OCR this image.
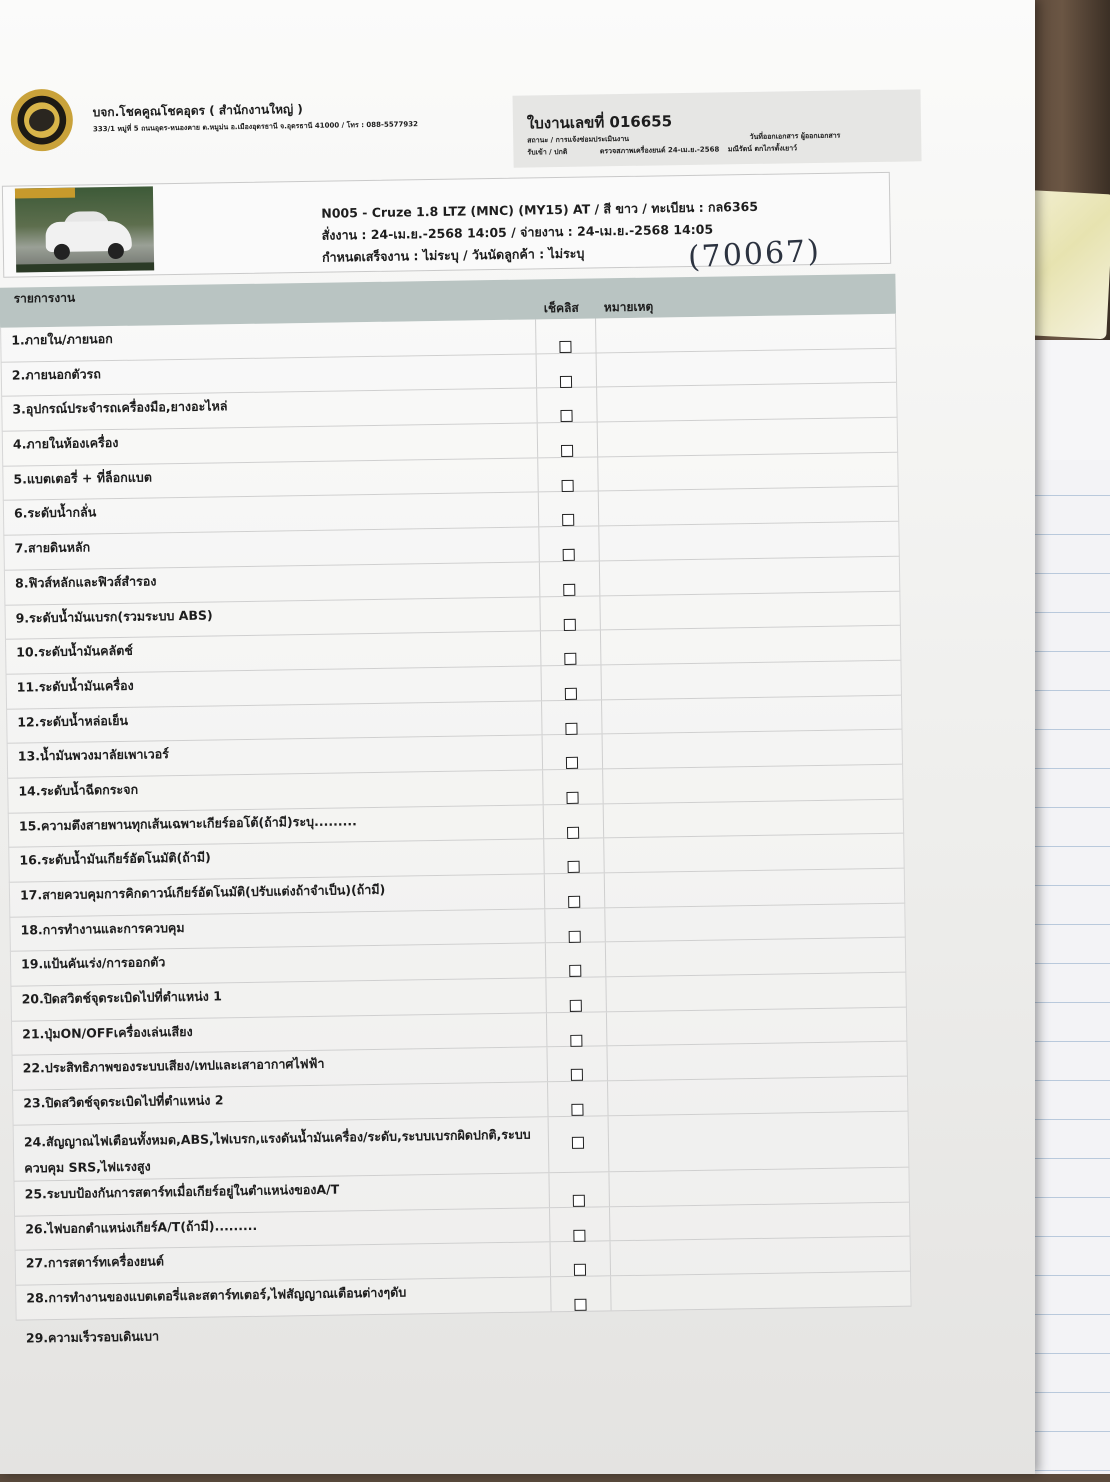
บจก.โชคคูณโชคอุดร ( สำนักงานใหญ่ )
333/1 หมู่ที่ 5 ถนนอุดร-หนองคาย ต.หมูม่น อ.เมืองอุดรธานี จ.อุดรธานี 41000 / โทร : 088-5577932	ใบงานเลขที่ 016655
สถานะ / การแจ้งซ่อมประเมินงาน	วันที่ออกเอกสาร ผู้ออกเอกสาร
รับเข้า / ปกติ	ตรวจสภาพเครื่องยนต์ 24-เม.ย.-2568 มณีรัตน์ ตกไกรตั้งเยาว์
N005 - Cruze 1.8 LTZ (MNC) (MY15) AT / สี ขาว / ทะเบียน : กล6365
สั่งงาน : 24-เม.ย.-2568 14:05 / จ่ายงาน : 24-เม.ย.-2568 14:05
กำหนดเสร็จงาน : ไม่ระบุ / วันนัดลูกค้า : ไม่ระบุ	(70067)
รายการงาน
เช็คลิส หมายเหตุ
1.ภายใน/ภายนอก
2.ภายนอกตัวรถ
3.อุปกรณ์ประจำรถเครื่องมือ,ยางอะไหล่
4.ภายในห้องเครื่อง
5.แบตเตอรี่ + ที่ล็อกแบต
6.ระดับน้ำกลั่น
7.สายดินหลัก
8.ฟิวส์หลักและฟิวส์สำรอง
9.ระดับน้ำมันเบรก(รวมระบบ ABS)
10.ระดับน้ำมันคลัตช์
11.ระดับน้ำมันเครื่อง
12.ระดับน้ำหล่อเย็น
13.น้ำมันพวงมาลัยเพาเวอร์
14.ระดับน้ำฉีดกระจก
15.ความตึงสายพานทุกเส้นเฉพาะเกียร์ออโต้(ถ้ามี)ระบุ.........
16.ระดับน้ำมันเกียร์อัตโนมัติ(ถ้ามี)
17.สายควบคุมการคิกดาวน์เกียร์อัตโนมัติ(ปรับแต่งถ้าจำเป็น)(ถ้ามี)
18.การทำงานและการควบคุม
19.แป้นคันเร่ง/การออกตัว
20.ปิดสวิตช์จุดระเบิดไปที่ตำแหน่ง 1
21.ปุ่มON/OFFเครื่องเล่นเสียง
22.ประสิทธิภาพของระบบเสียง/เทปและเสาอากาศไฟฟ้า
23.ปิดสวิตช์จุดระเบิดไปที่ตำแหน่ง 2
24.สัญญาณไฟเตือนทั้งหมด,ABS,ไฟเบรก,แรงดันน้ำมันเครื่อง/ระดับ,ระบบเบรกผิดปกติ,ระบบควบคุม SRS,ไฟแรงสูง
25.ระบบป้องกันการสตาร์ทเมื่อเกียร์อยู่ในตำแหน่งของA/T
26.ไฟบอกตำแหน่งเกียร์A/T(ถ้ามี).........
27.การสตาร์ทเครื่องยนต์
28.การทำงานของแบตเตอรี่และสตาร์ทเตอร์,ไฟสัญญาณเตือนต่างๆดับ
29.ความเร็วรอบเดินเบา
